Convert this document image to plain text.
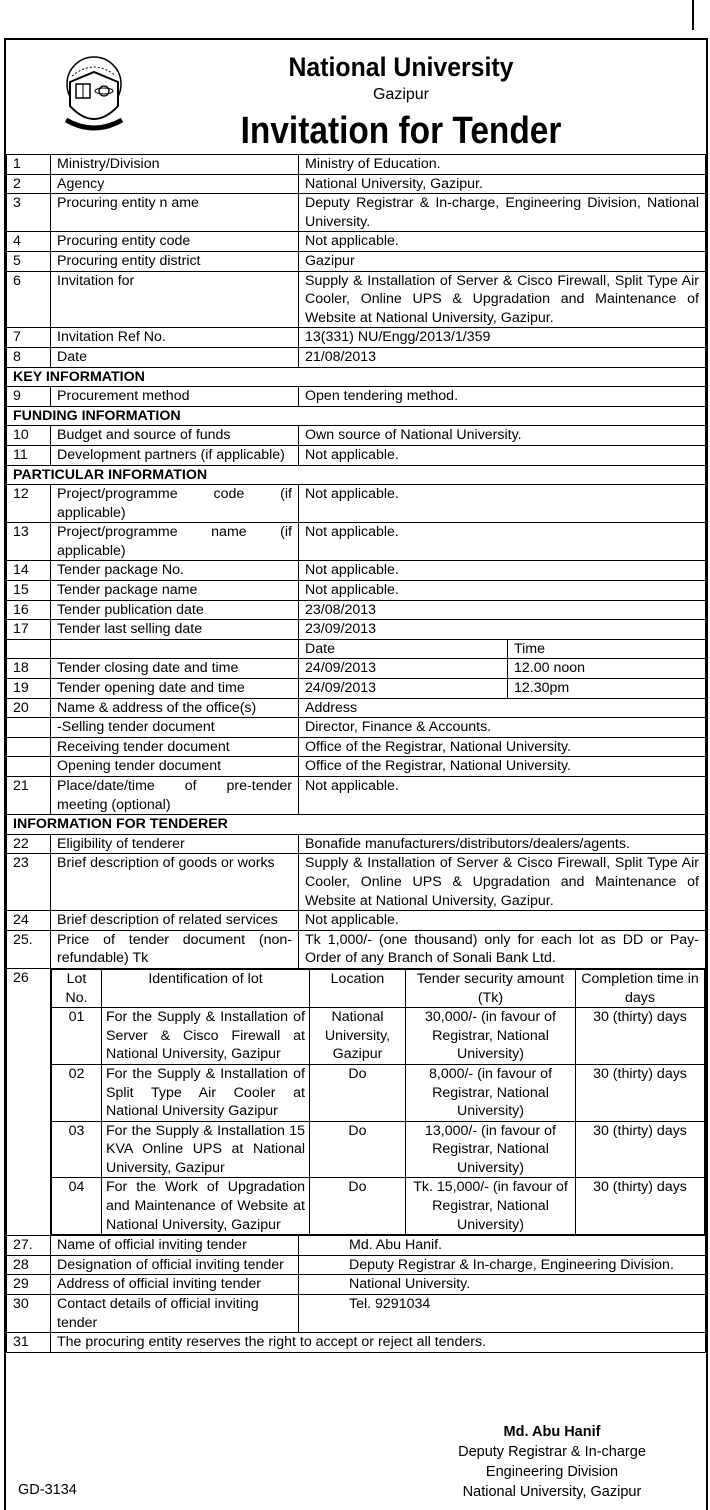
National University
Gazipur
Invitation for Tender
1	Ministry/Division	Ministry of Education.
2	Agency	National University, Gazipur.
3	Procuring entity n ame	Deputy Registrar & In-charge, Engineering Division, National University.
4	Procuring entity code	Not applicable.
5	Procuring entity district	Gazipur
6	Invitation for	Supply & Installation of Server & Cisco Firewall, Split Type Air Cooler, Online UPS & Upgradation and Maintenance of Website at National University, Gazipur.
7	Invitation Ref No.	13(331) NU/Engg/2013/1/359
8	Date	21/08/2013
KEY INFORMATION
9	Procurement method	Open tendering method.
FUNDING INFORMATION
10	Budget and source of funds	Own source of National University.
11	Development partners (if applicable)	Not applicable.
PARTICULAR INFORMATION
12	Project/programme code (if applicable)	Not applicable.
13	Project/programme name (if applicable)	Not applicable.
14	Tender package No.	Not applicable.
15	Tender package name	Not applicable.
16	Tender publication date	23/08/2013
17	Tender last selling date	23/09/2013

Date	Time

18	Tender closing date and time		24/09/2013	12.00 noon

19	Tender opening date and time		24/09/2013	12.30pm

20	Name & address of the office(s)	Address
	-Selling tender document	Director, Finance & Accounts.
	Receiving tender document	Office of the Registrar, National University.
	Opening tender document	Office of the Registrar, National University.
21	Place/date/time of pre-tender meeting (optional)	Not applicable.
INFORMATION FOR TENDERER
22	Eligibility of tenderer	Bonafide manufacturers/distributors/dealers/agents.
23	Brief description of goods or works	Supply & Installation of Server & Cisco Firewall, Split Type Air Cooler, Online UPS & Upgradation and Maintenance of Website at National University, Gazipur.
24	Brief description of related services	Not applicable.
25.	Price of tender document (non-refundable) Tk	Tk 1,000/- (one thousand) only for each lot as DD or Pay-Order of any Branch of Sonali Bank Ltd.
26		Lot No.	Identification of lot	Location	Tender security amount (Tk)	Completion time in days
01	For the Supply & Installation of Server & Cisco Firewall at National University, Gazipur	National University, Gazipur	30,000/- (in favour of Registrar, National University)	30 (thirty) days
02	For the Supply & Installation of Split Type Air Cooler at National University Gazipur	Do	8,000/- (in favour of Registrar, National University)	30 (thirty) days
03	For the Supply & Installation 15 KVA Online UPS at National University, Gazipur	Do	13,000/- (in favour of Registrar, National University)	30 (thirty) days
04	For the Work of Upgradation and Maintenance of Website at National University, Gazipur	Do	Tk. 15,000/- (in favour of Registrar, National University)	30 (thirty) days

27.	Name of official inviting tender	Md. Abu Hanif.
28	Designation of official inviting tender	Deputy Registrar & In-charge, Engineering Division.
29	Address of official inviting tender	National University.
30	Contact details of official inviting tender	Tel. 9291034
31	The procuring entity reserves the right to accept or reject all tenders.
Md. Abu Hanif
Deputy Registrar & In-charge
Engineering Division
National University, Gazipur
GD-3134
